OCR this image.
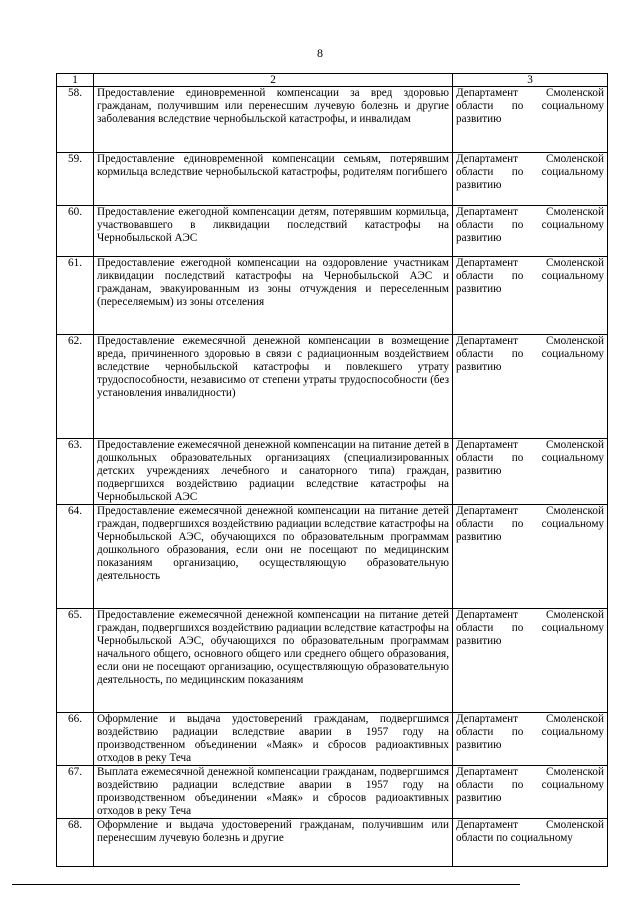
8
1	2	3
58.	Предоставление единовременной компенсации за вред здоровью гражданам, получившим или перенесшим лучевую болезнь и другие заболевания вследствие чернобыльской катастрофы, и инвалидам	Департамент Смоленской области по социальному развитию
59.	Предоставление единовременной компенсации семьям, потерявшим кормильца вследствие чернобыльской катастрофы, родителям погибшего	Департамент Смоленской области по социальному развитию
60.	Предоставление ежегодной компенсации детям, потерявшим кормильца, участвовавшего в ликвидации последствий катастрофы на Чернобыльской АЭС	Департамент Смоленской области по социальному развитию
61.	Предоставление ежегодной компенсации на оздоровление участникам ликвидации последствий катастрофы на Чернобыльской АЭС и гражданам, эвакуированным из зоны отчуждения и переселенным (переселяемым) из зоны отселения	Департамент Смоленской области по социальному развитию
62.	Предоставление ежемесячной денежной компенсации в возмещение вреда, причиненного здоровью в связи с радиационным воздействием вследствие чернобыльской катастрофы и повлекшего утрату трудоспособности, независимо от степени утраты трудоспособности (без установления инвалидности)	Департамент Смоленской области по социальному развитию
63.	Предоставление ежемесячной денежной компенсации на питание детей в дошкольных образовательных организациях (специализированных детских учреждениях лечебного и санаторного типа) граждан, подвергшихся воздействию радиации вследствие катастрофы на Чернобыльской АЭС	Департамент Смоленской области по социальному развитию
64.	Предоставление ежемесячной денежной компенсации на питание детей граждан, подвергшихся воздействию радиации вследствие катастрофы на Чернобыльской АЭС, обучающихся по образовательным программам дошкольного образования, если они не посещают по медицинским показаниям организацию, осуществляющую образовательную деятельность	Департамент Смоленской области по социальному развитию
65.	Предоставление ежемесячной денежной компенсации на питание детей граждан, подвергшихся воздействию радиации вследствие катастрофы на Чернобыльской АЭС, обучающихся по образовательным программам начального общего, основного общего или среднего общего образования, если они не посещают организацию, осуществляющую образовательную деятельность, по медицинским показаниям	Департамент Смоленской области по социальному развитию
66.	Оформление и выдача удостоверений гражданам, подвергшимся воздействию радиации вследствие аварии в 1957 году на производственном объединении «Маяк» и сбросов радиоактивных отходов в реку Теча	Департамент Смоленской области по социальному развитию
67.	Выплата ежемесячной денежной компенсации гражданам, подвергшимся воздействию радиации вследствие аварии в 1957 году на производственном объединении «Маяк» и сбросов радиоактивных отходов в реку Теча	Департамент Смоленской области по социальному развитию
68.	Оформление и выдача удостоверений гражданам, получившим или перенесшим лучевую болезнь и другие	Департамент Смоленской области по социальному
